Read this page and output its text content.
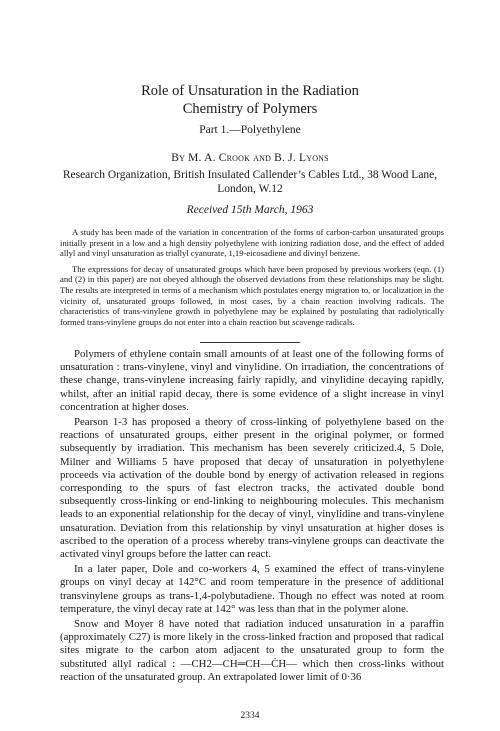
Role of Unsaturation in the Radiation
Chemistry of Polymers
Part 1.—Polyethylene
By M. A. Crook and B. J. Lyons
Research Organization, British Insulated Callender’s Cables Ltd., 38 Wood Lane,
London, W.12
Received 15th March, 1963

A study has been made of the variation in concentration of the forms of carbon-carbon unsaturated groups initially present in a low and a high density polyethylene with ionizing radiation dose, and the effect of added allyl and vinyl unsaturation as triallyl cyanurate, 1,19-eicosadiene and divinyl benzene.

The expressions for decay of unsaturated groups which have been proposed by previous workers (eqn. (1) and (2) in this paper) are not obeyed although the observed deviations from these relationships may be slight. The results are interpreted in terms of a mechanism which postulates energy migration to, or localization in the vicinity of, unsaturated groups followed, in most cases, by a chain reaction involving radicals. The characteristics of trans-vinylene growth in polyethylene may be explained by postulating that radiolytically formed trans-vinylene groups do not enter into a chain reaction but scavenge radicals.

Polymers of ethylene contain small amounts of at least one of the following forms of unsaturation : trans-vinylene, vinyl and vinylidine. On irradiation, the concentrations of these change, trans-vinylene increasing fairly rapidly, and vinylidine decaying rapidly, whilst, after an initial rapid decay, there is some evidence of a slight increase in vinyl concentration at higher doses.

Pearson 1-3 has proposed a theory of cross-linking of polyethylene based on the reactions of unsaturated groups, either present in the original polymer, or formed subsequently by irradiation. This mechanism has been severely criticized.4, 5 Dole, Milner and Williams 5 have proposed that decay of unsaturation in polyethylene proceeds via activation of the double bond by energy of activation released in regions corresponding to the spurs of fast electron tracks, the activated double bond subsequently cross-linking or end-linking to neighbouring molecules. This mechanism leads to an exponential relationship for the decay of vinyl, vinylidine and trans-vinylene unsaturation. Deviation from this relationship by vinyl unsaturation at higher doses is ascribed to the operation of a process whereby trans-vinylene groups can deactivate the activated vinyl groups before the latter can react.

In a later paper, Dole and co-workers 4, 5 examined the effect of trans-vinylene groups on vinyl decay at 142°C and room temperature in the presence of additional transvinylene groups as trans-1,4-polybutadiene. Though no effect was noted at room temperature, the vinyl decay rate at 142° was less than that in the polymer alone.

Snow and Moyer 8 have noted that radiation induced unsaturation in a paraffin (approximately C27) is more likely in the cross-linked fraction and proposed that radical sites migrate to the carbon atom adjacent to the unsaturated group to form the substituted allyl radical : —CH2—CH═CH—ĊH— which then cross-links without reaction of the unsaturated group. An extrapolated lower limit of 0·36

2334
